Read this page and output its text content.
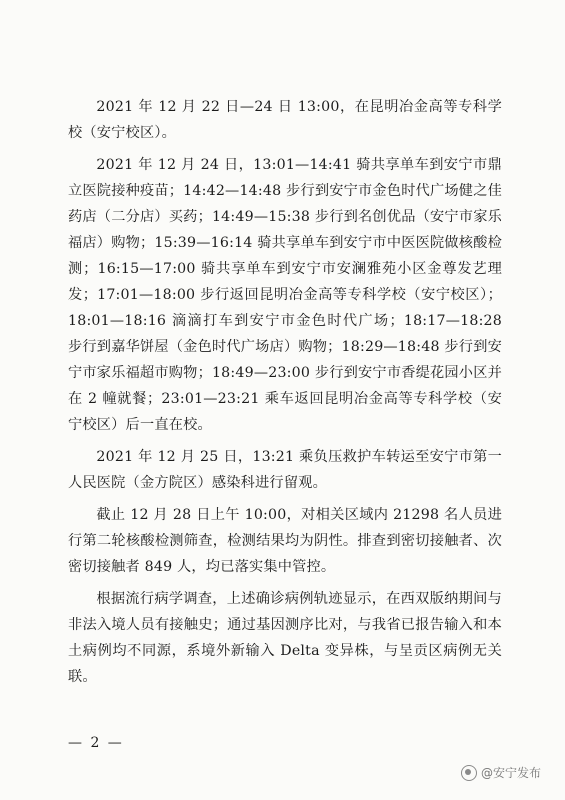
2021 年 12 月 22 日—24 日 13:00，在昆明冶金高等专科学校（安宁校区）。

2021 年 12 月 24 日，13:01—14:41 骑共享单车到安宁市鼎立医院接种疫苗；14:42—14:48 步行到安宁市金色时代广场健之佳药店（二分店）买药；14:49—15:38 步行到名创优品（安宁市家乐福店）购物；15:39—16:14 骑共享单车到安宁市中医医院做核酸检测；16:15—17:00 骑共享单车到安宁市安澜雅苑小区金尊发艺理发；17:01—18:00 步行返回昆明冶金高等专科学校（安宁校区）；18:01—18:16 滴滴打车到安宁市金色时代广场；18:17—18:28 步行到嘉华饼屋（金色时代广场店）购物；18:29—18:48 步行到安宁市家乐福超市购物；18:49—23:00 步行到安宁市香缇花园小区并在 2 幢就餐；23:01—23:21 乘车返回昆明冶金高等专科学校（安宁校区）后一直在校。

2021 年 12 月 25 日，13:21 乘负压救护车转运至安宁市第一人民医院（金方院区）感染科进行留观。

截止 12 月 28 日上午 10:00，对相关区域内 21298 名人员进行第二轮核酸检测筛查，检测结果均为阴性。排查到密切接触者、次密切接触者 849 人，均已落实集中管控。

根据流行病学调查，上述确诊病例轨迹显示，在西双版纳期间与非法入境人员有接触史；通过基因测序比对，与我省已报告输入和本土病例均不同源，系境外新输入 Delta 变异株，与呈贡区病例无关联。

— 2 —
@安宁发布
